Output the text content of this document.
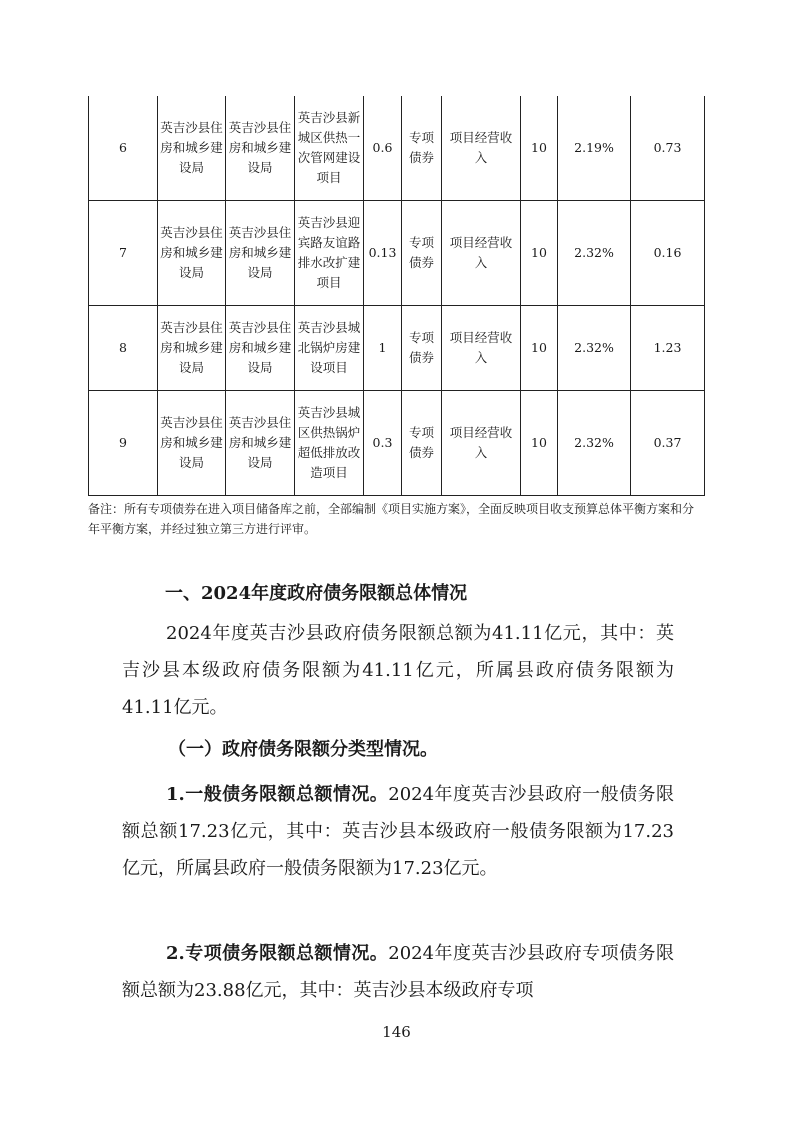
6	英吉沙县住房和城乡建设局	英吉沙县住房和城乡建设局	英吉沙县新城区供热一次管网建设项目	0.6	专项债券	项目经营收入	10	2.19%	0.73
7	英吉沙县住房和城乡建设局	英吉沙县住房和城乡建设局	英吉沙县迎宾路友谊路排水改扩建项目	0.13	专项债券	项目经营收入	10	2.32%	0.16
8	英吉沙县住房和城乡建设局	英吉沙县住房和城乡建设局	英吉沙县城北锅炉房建设项目	1	专项债券	项目经营收入	10	2.32%	1.23
9	英吉沙县住房和城乡建设局	英吉沙县住房和城乡建设局	英吉沙县城区供热锅炉超低排放改造项目	0.3	专项债券	项目经营收入	10	2.32%	0.37

备注：所有专项债券在进入项目储备库之前，全部编制《项目实施方案》，全面反映项目收支预算总体平衡方案和分年平衡方案，并经过独立第三方进行评审。

一、2024年度政府债务限额总体情况

2024年度英吉沙县政府债务限额总额为41.11亿元，其中：英吉沙县本级政府债务限额为41.11亿元，所属县政府债务限额为41.11亿元。

（一）政府债务限额分类型情况。

1.一般债务限额总额情况。2024年度英吉沙县政府一般债务限额总额17.23亿元，其中：英吉沙县本级政府一般债务限额为17.23亿元，所属县政府一般债务限额为17.23亿元。

2.专项债务限额总额情况。2024年度英吉沙县政府专项债务限额总额为23.88亿元，其中：英吉沙县本级政府专项

146
